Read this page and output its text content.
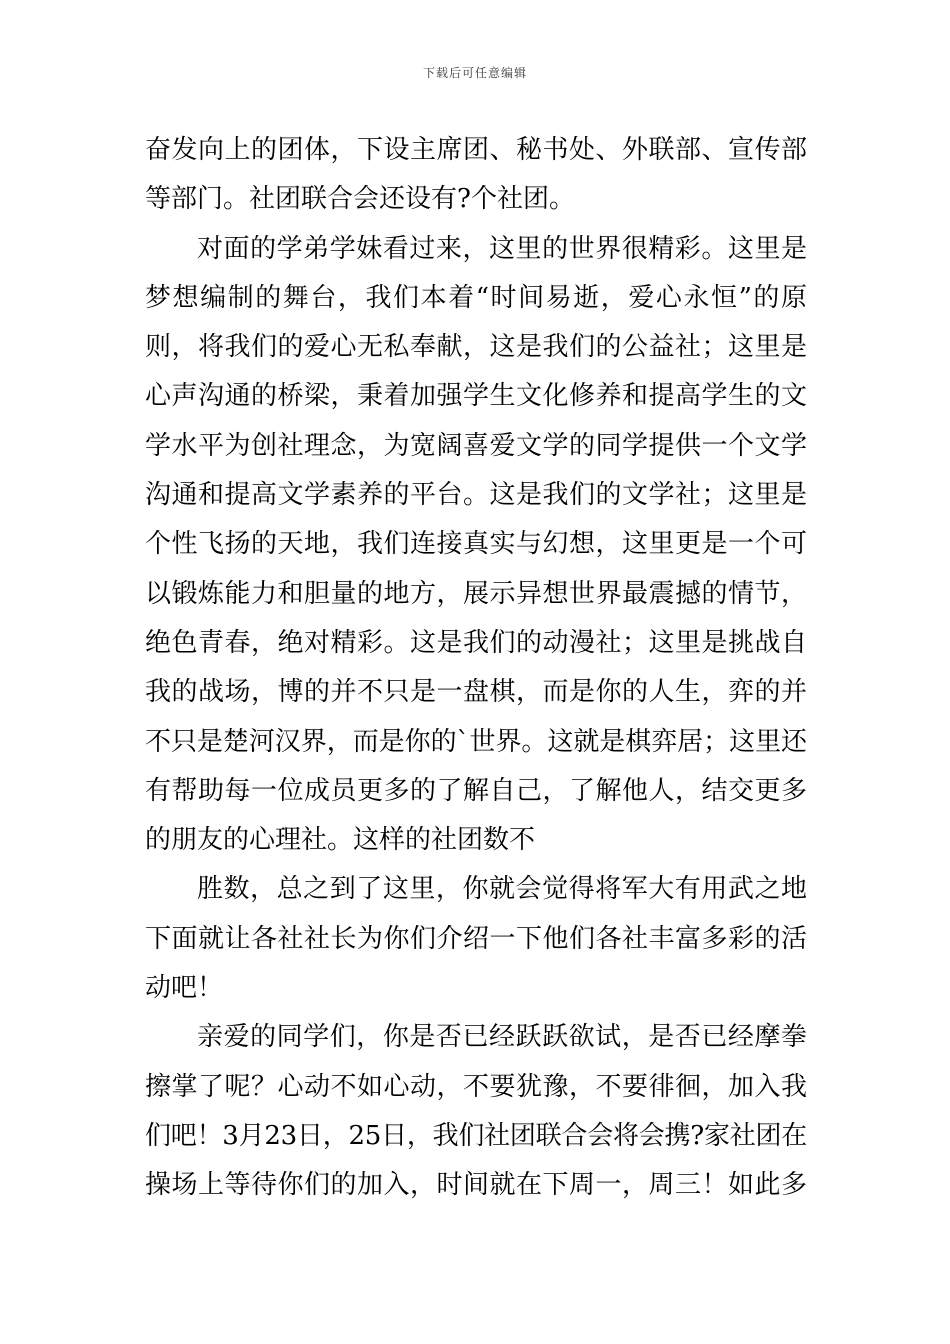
下载后可任意编辑
奋发向上的团体，下设主席团、秘书处、外联部、宣传部
等部门。社团联合会还设有?个社团。
对面的学弟学妹看过来，这里的世界很精彩。这里是
梦想编制的舞台，我们本着“时间易逝，爱心永恒”的原
则，将我们的爱心无私奉献，这是我们的公益社；这里是
心声沟通的桥梁，秉着加强学生文化修养和提高学生的文
学水平为创社理念，为宽阔喜爱文学的同学提供一个文学
沟通和提高文学素养的平台。这是我们的文学社；这里是
个性飞扬的天地，我们连接真实与幻想，这里更是一个可
以锻炼能力和胆量的地方，展示异想世界最震撼的情节，
绝色青春，绝对精彩。这是我们的动漫社；这里是挑战自
我的战场，博的并不只是一盘棋，而是你的人生，弈的并
不只是楚河汉界，而是你的`世界。这就是棋弈居；这里还
有帮助每一位成员更多的了解自己，了解他人，结交更多
的朋友的心理社。这样的社团数不
胜数，总之到了这里，你就会觉得将军大有用武之地
下面就让各社社长为你们介绍一下他们各社丰富多彩的活
动吧！
亲爱的同学们，你是否已经跃跃欲试，是否已经摩拳
擦掌了呢？心动不如心动，不要犹豫，不要徘徊，加入我
们吧！3月23日，25日，我们社团联合会将会携?家社团在
操场上等待你们的加入，时间就在下周一，周三！如此多
